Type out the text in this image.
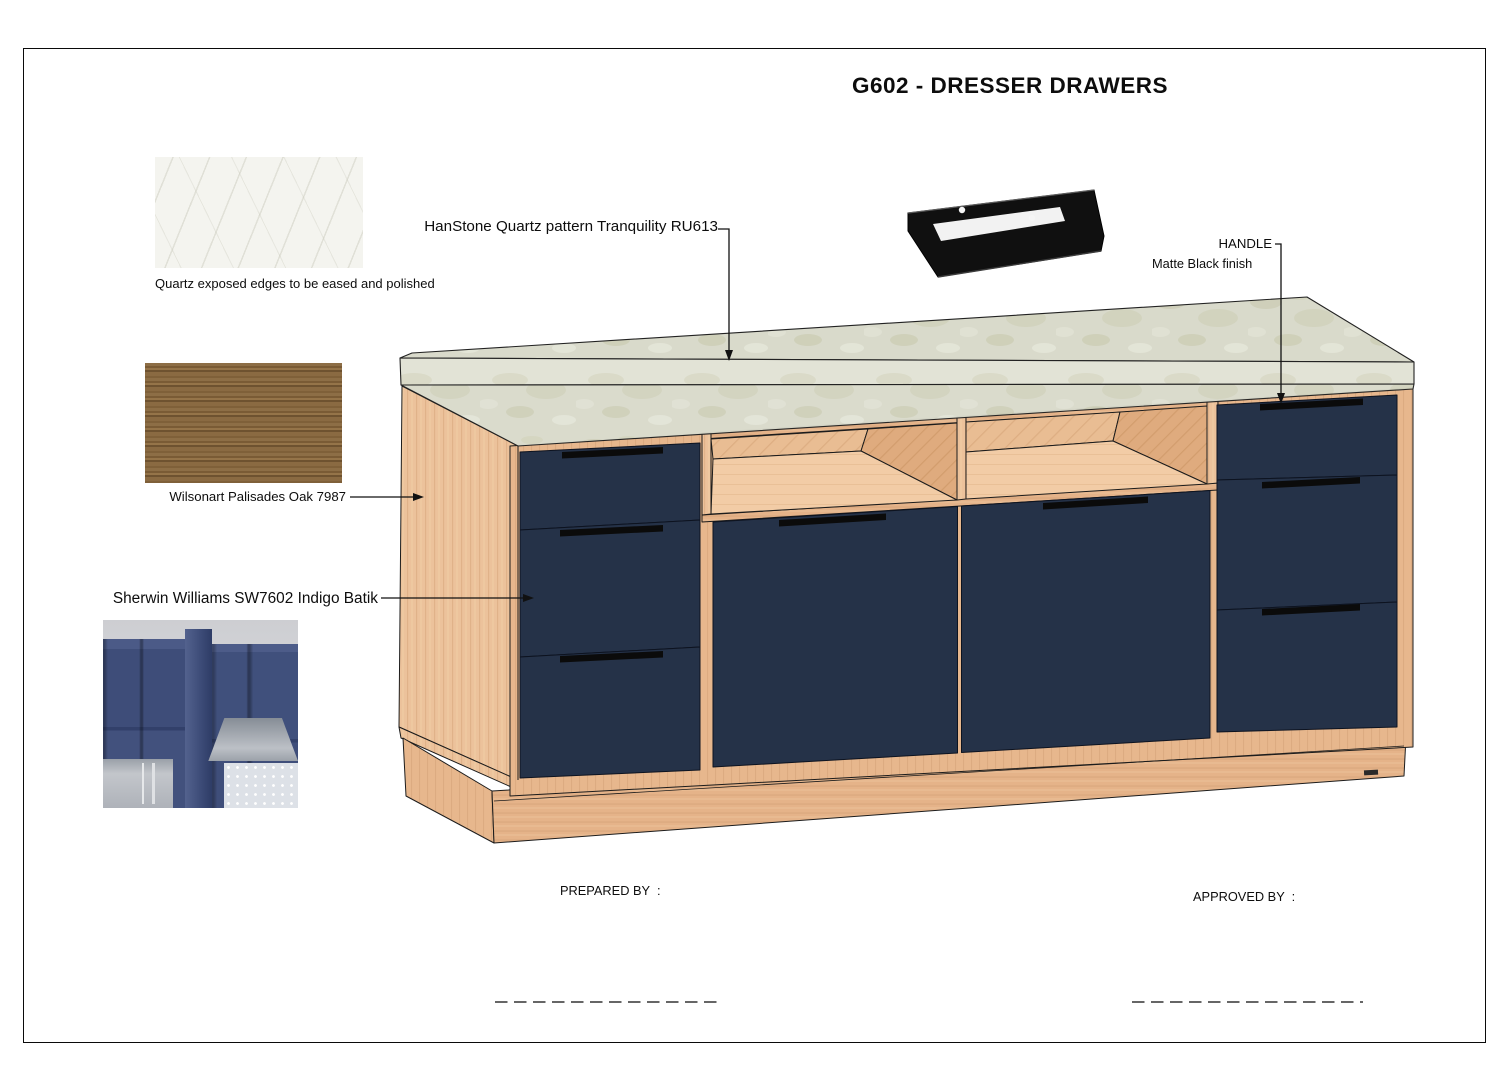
G602 - DRESSER DRAWERS
HanStone Quartz pattern Tranquility RU613
Quartz exposed edges to be eased and polished
Wilsonart Palisades Oak 7987
Sherwin Williams SW7602 Indigo Batik
HANDLE
Matte Black finish
PREPARED BY  :	APPROVED BY  :
